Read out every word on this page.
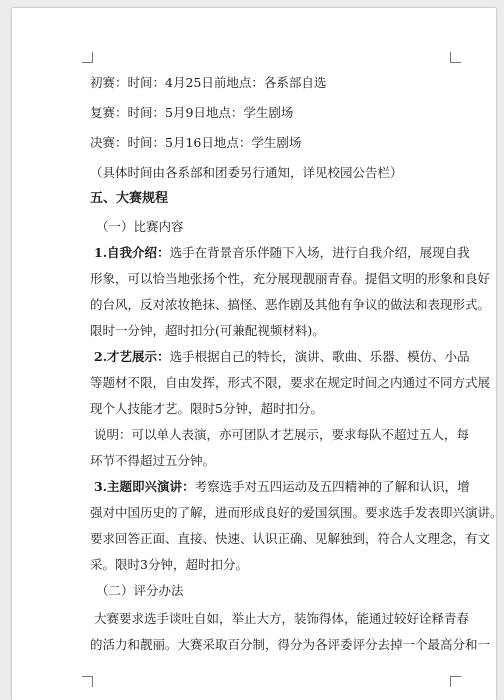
初赛：时间：4月25日前地点：各系部自选
复赛：时间：5月9日地点：学生剧场
决赛：时间：5月16日地点：学生剧场
（具体时间由各系部和团委另行通知，详见校园公告栏）
五、大赛规程
（一）比赛内容
1.自我介绍：选手在背景音乐伴随下入场，进行自我介绍，展现自我
形象，可以恰当地张扬个性，充分展现靓丽青春。提倡文明的形象和良好
的台风，反对浓妆艳抹、搞怪、恶作剧及其他有争议的做法和表现形式。
限时一分钟，超时扣分(可兼配视频材料)。
2.才艺展示：选手根据自己的特长，演讲、歌曲、乐器、模仿、小品
等题材不限，自由发挥，形式不限，要求在规定时间之内通过不同方式展
现个人技能才艺。限时5分钟，超时扣分。
说明：可以单人表演，亦可团队才艺展示，要求每队不超过五人，每
环节不得超过五分钟。
3.主题即兴演讲：考察选手对五四运动及五四精神的了解和认识，增
强对中国历史的了解，进而形成良好的爱国氛围。要求选手发表即兴演讲。
要求回答正面、直接、快速、认识正确、见解独到，符合人文理念，有文
采。限时3分钟，超时扣分。
（二）评分办法
大赛要求选手谈吐自如，举止大方，装饰得体，能通过较好诠释青春
的活力和靓丽。大赛采取百分制，得分为各评委评分去掉一个最高分和一
